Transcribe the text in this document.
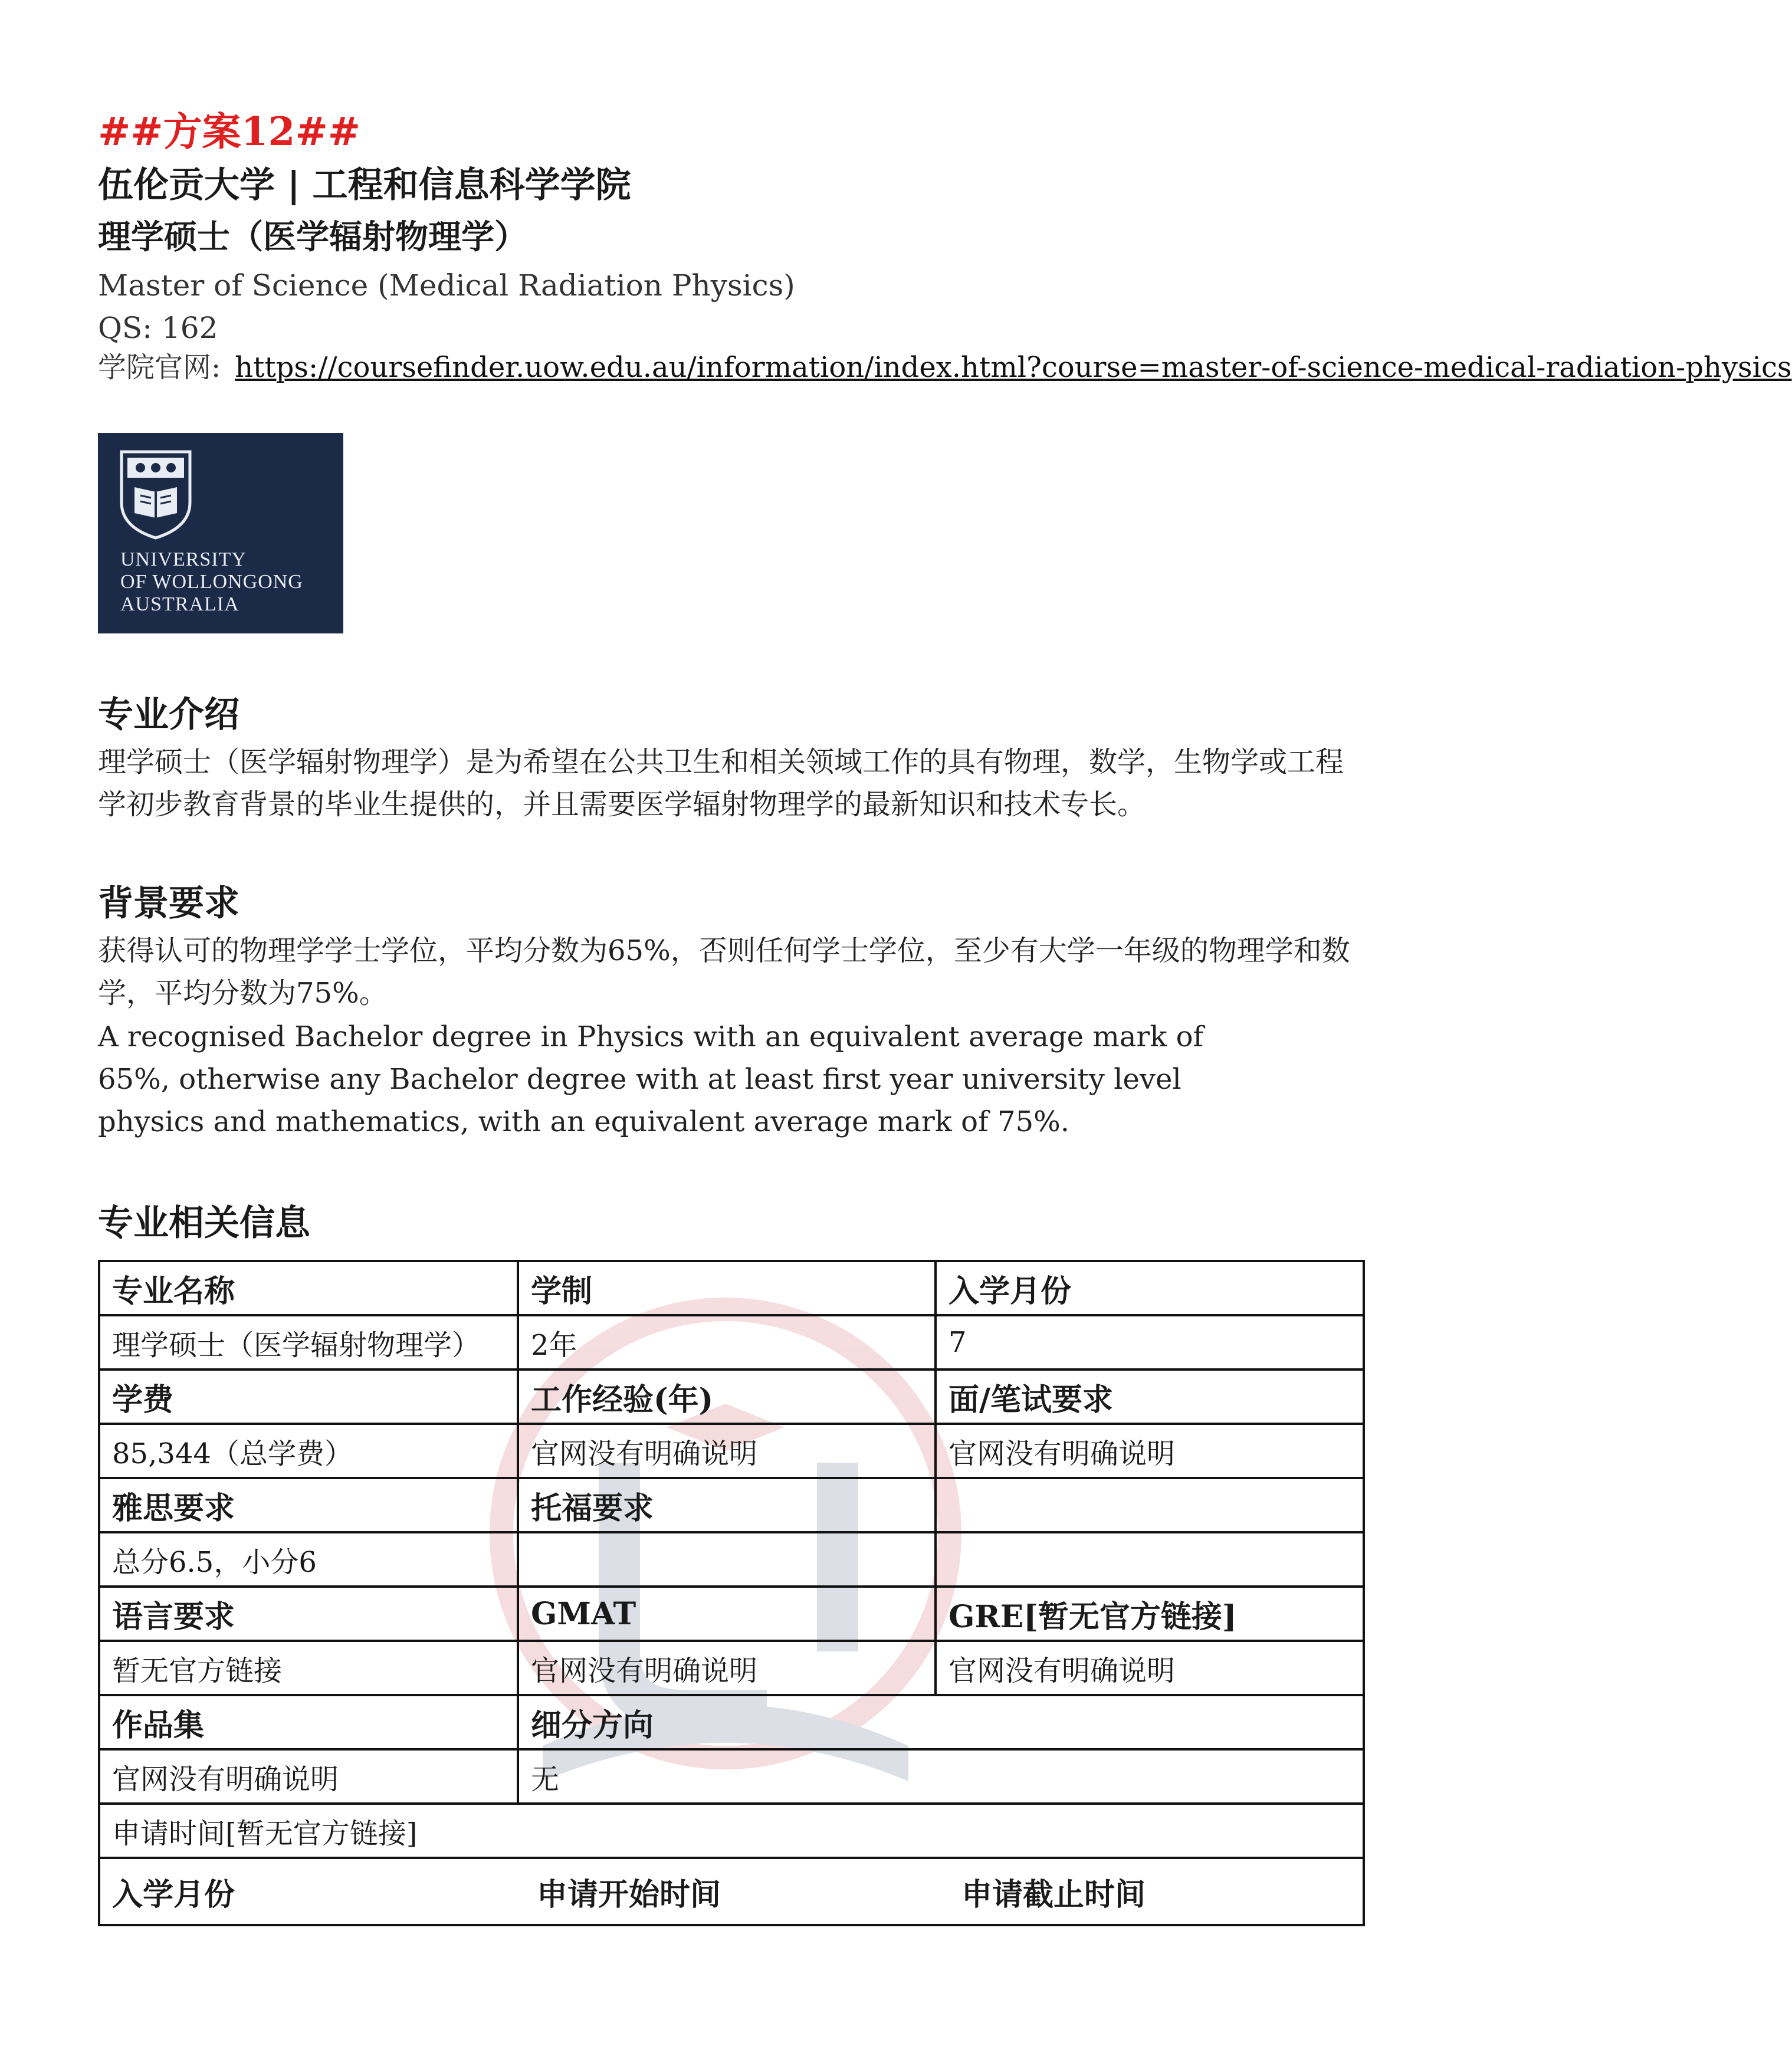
##方案12##
伍伦贡大学 | 工程和信息科学学院
理学硕士（医学辐射物理学）
Master of Science (Medical Radiation Physics)
QS: 162
学院官网: https://coursefinder.uow.edu.au/information/index.html?course=master-of-science-medical-radiation-physics
UNIVERSITY
OF WOLLONGONG
AUSTRALIA
专业介绍
理学硕士（医学辐射物理学）是为希望在公共卫生和相关领域工作的具有物理，数学，生物学或工程学初步教育背景的毕业生提供的，并且需要医学辐射物理学的最新知识和技术专长。
背景要求
获得认可的物理学学士学位，平均分数为65%，否则任何学士学位，至少有大学一年级的物理学和数学，平均分数为75%。
A recognised Bachelor degree in Physics with an equivalent average mark of 65%, otherwise any Bachelor degree with at least first year university level physics and mathematics, with an equivalent average mark of 75%.
专业相关信息
专业名称	学制	入学月份
理学硕士（医学辐射物理学）	2年	7
学费	工作经验(年)	面/笔试要求
85,344（总学费）	官网没有明确说明	官网没有明确说明
雅思要求	托福要求	
总分6.5，小分6		
语言要求	GMAT	GRE[暂无官方链接]
暂无官方链接	官网没有明确说明	官网没有明确说明
作品集	细分方向	
官网没有明确说明	无	
申请时间[暂无官方链接]		

入学月份 申请开始时间 申请截止时间		
